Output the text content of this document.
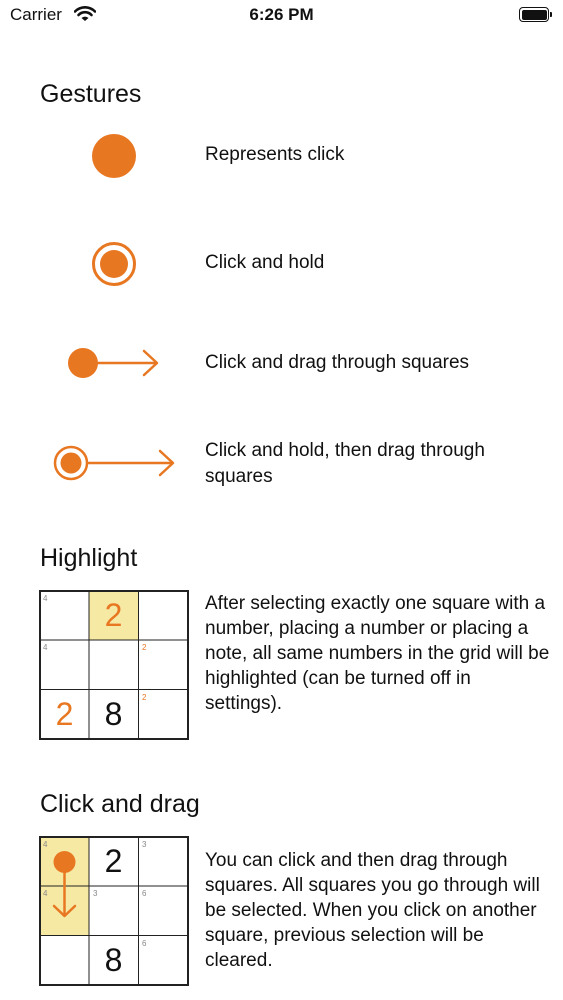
Carrier	6:26 PM
Gestures
Represents click
Click and hold
Click and drag through squares
Click and hold, then drag through squares
Highlight
4	2
4	2
2 8	2
After selecting exactly one square with a number, placing a number or placing a note, all same numbers in the grid will be highlighted (can be turned off in settings).
Click and drag
4	2	3
4	3	6
8	6
You can click and then drag through squares. All squares you go through will be selected. When you click on another square, previous selection will be cleared.
